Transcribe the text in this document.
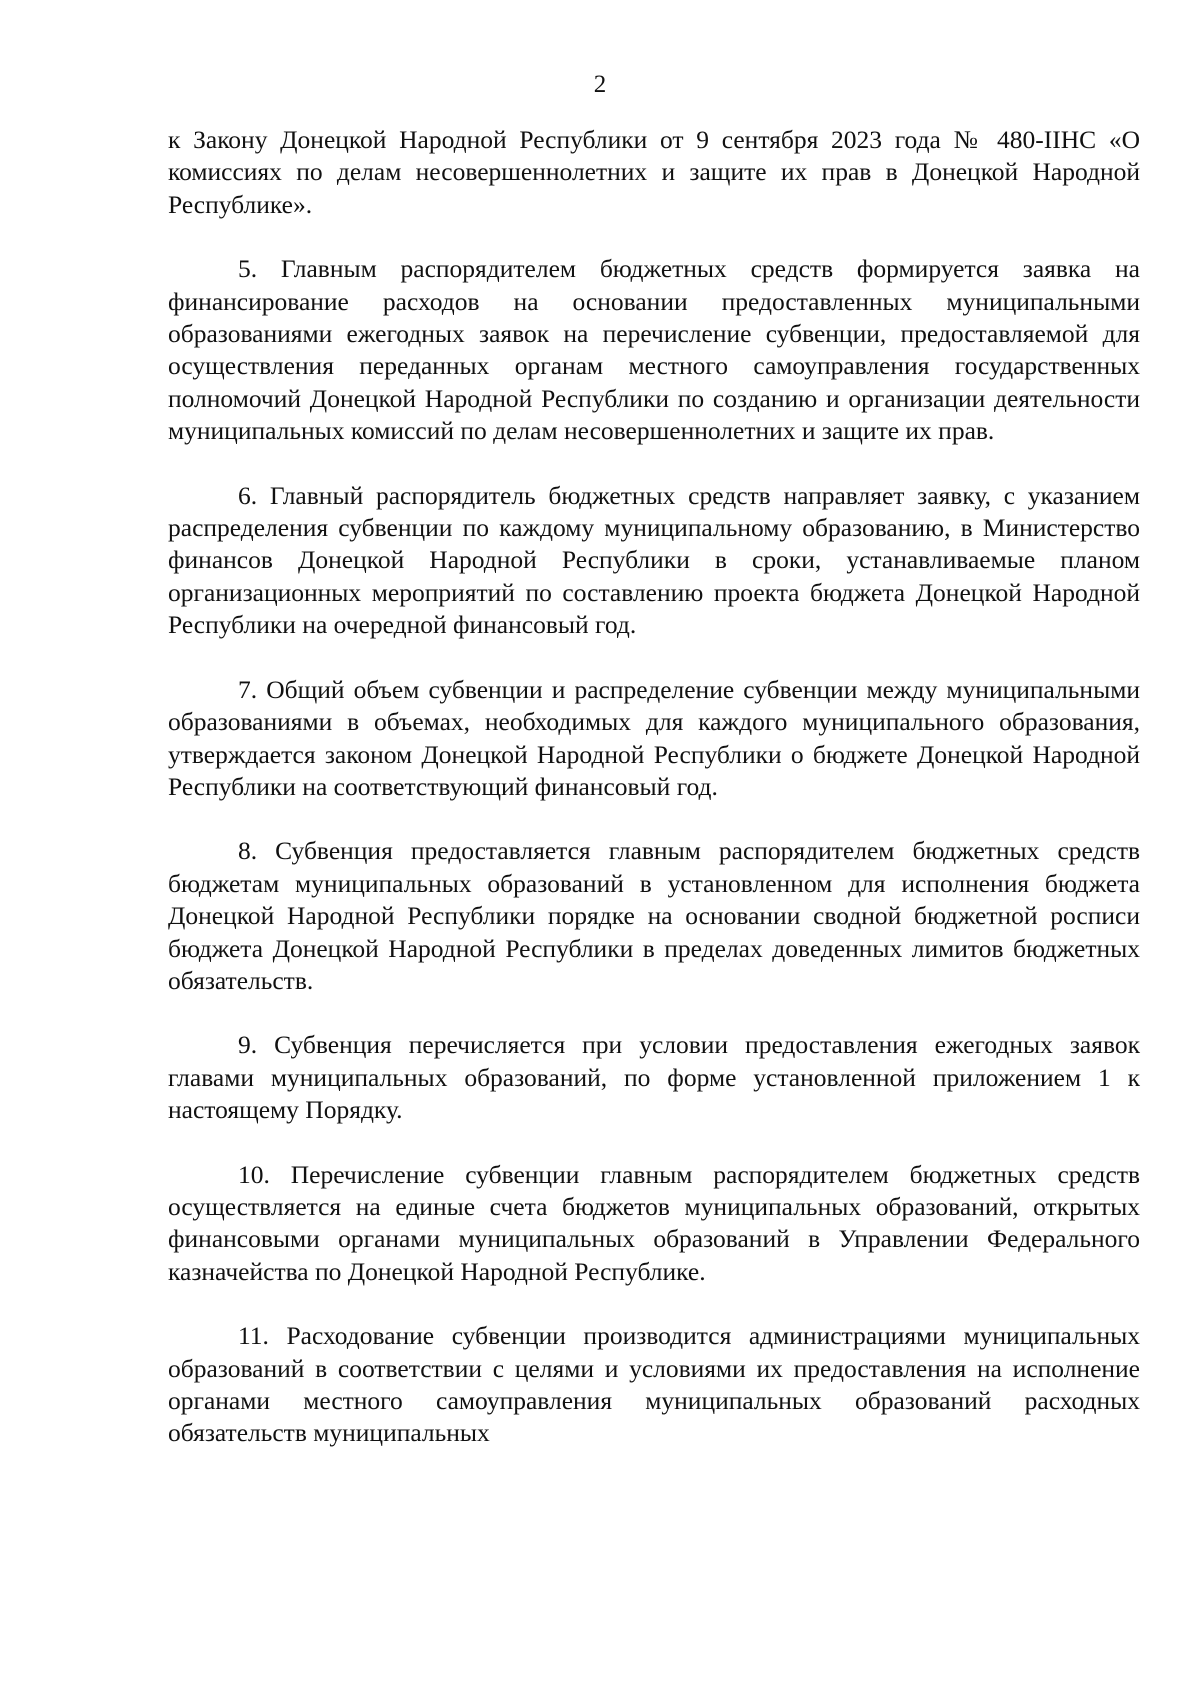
2

к Закону Донецкой Народной Республики от 9 сентября 2023 года № 480-IIНС «О комиссиях по делам несовершеннолетних и защите их прав в Донецкой Народной Республике».

5. Главным распорядителем бюджетных средств формируется заявка на финансирование расходов на основании предоставленных муниципальными образованиями ежегодных заявок на перечисление субвенции, предоставляемой для осуществления переданных органам местного самоуправления государственных полномочий Донецкой Народной Республики по созданию и организации деятельности муниципальных комиссий по делам несовершеннолетних и защите их прав.

6. Главный распорядитель бюджетных средств направляет заявку, с указанием распределения субвенции по каждому муниципальному образованию, в Министерство финансов Донецкой Народной Республики в сроки, устанавливаемые планом организационных мероприятий по составлению проекта бюджета Донецкой Народной Республики на очередной финансовый год.

7. Общий объем субвенции и распределение субвенции между муниципальными образованиями в объемах, необходимых для каждого муниципального образования, утверждается законом Донецкой Народной Республики о бюджете Донецкой Народной Республики на соответствующий финансовый год.

8. Субвенция предоставляется главным распорядителем бюджетных средств бюджетам муниципальных образований в установленном для исполнения бюджета Донецкой Народной Республики порядке на основании сводной бюджетной росписи бюджета Донецкой Народной Республики в пределах доведенных лимитов бюджетных обязательств.

9. Субвенция перечисляется при условии предоставления ежегодных заявок главами муниципальных образований, по форме установленной приложением 1 к настоящему Порядку.

10. Перечисление субвенции главным распорядителем бюджетных средств осуществляется на единые счета бюджетов муниципальных образований, открытых финансовыми органами муниципальных образований в Управлении Федерального казначейства по Донецкой Народной Республике.

11. Расходование субвенции производится администрациями муниципальных образований в соответствии с целями и условиями их предоставления на исполнение органами местного самоуправления муниципальных образований расходных обязательств муниципальных
